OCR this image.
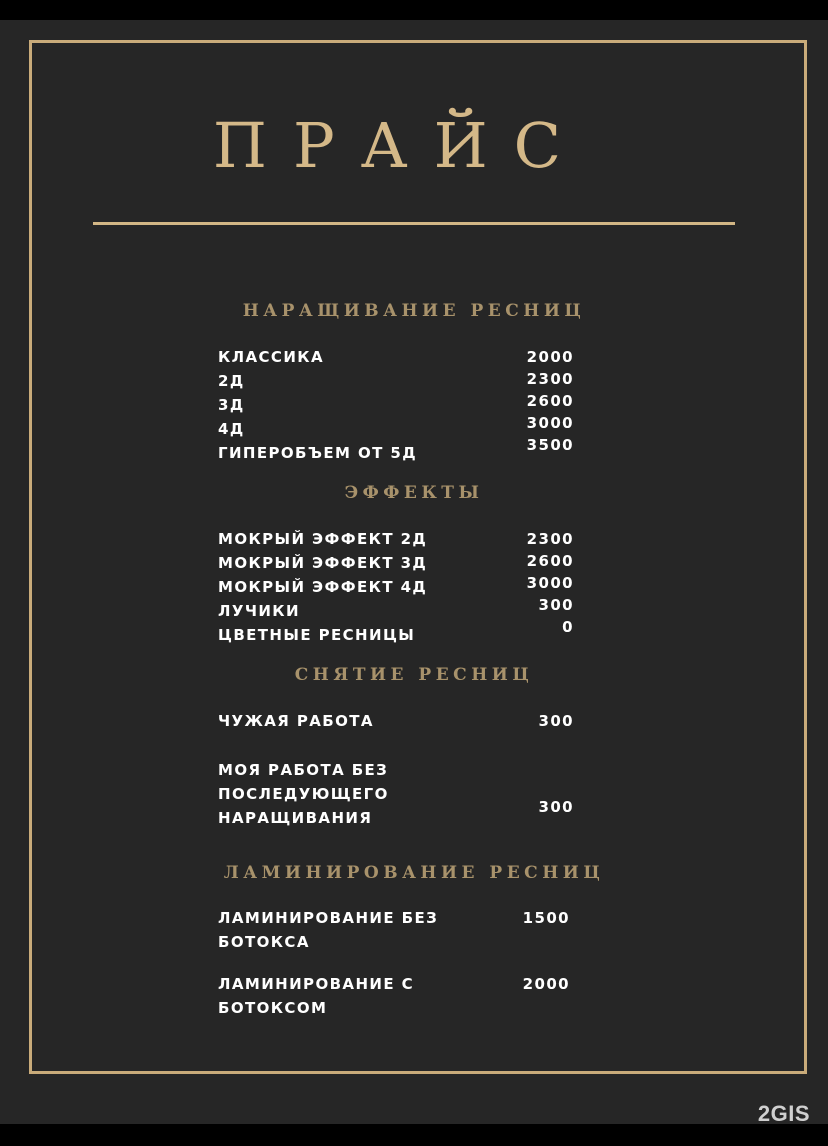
ПРАЙС
НАРАЩИВАНИЕ РЕСНИЦ
КЛАССИКА	2000
2Д	2300
3Д	2600
4Д	3000
ГИПЕРОБЪЕМ ОТ 5Д	3500
ЭФФЕКТЫ
МОКРЫЙ ЭФФЕКТ 2Д	2300
МОКРЫЙ ЭФФЕКТ 3Д	2600
МОКРЫЙ ЭФФЕКТ 4Д	3000
ЛУЧИКИ	300
ЦВЕТНЫЕ РЕСНИЦЫ	0
СНЯТИЕ РЕСНИЦ
ЧУЖАЯ РАБОТА	300
МОЯ РАБОТА БЕЗ
ПОСЛЕДУЮЩЕГО
НАРАЩИВАНИЯ
300
ЛАМИНИРОВАНИЕ РЕСНИЦ
ЛАМИНИРОВАНИЕ БЕЗ
БОТОКСА
1500
ЛАМИНИРОВАНИЕ С
БОТОКСОМ
2000
2GIS
